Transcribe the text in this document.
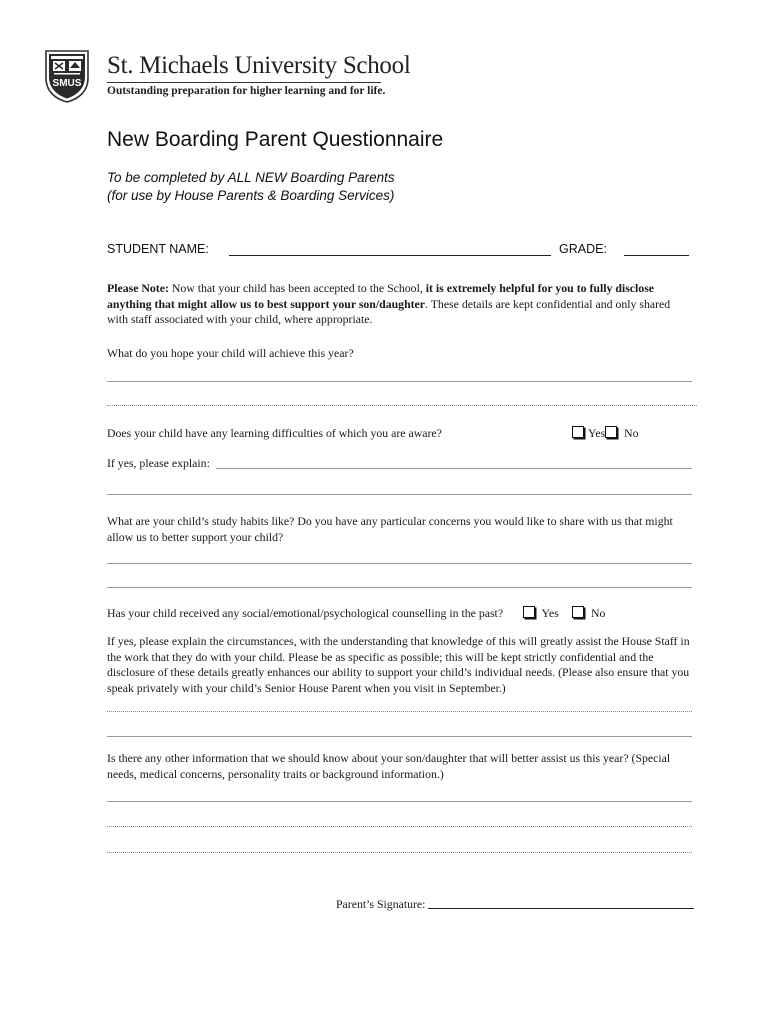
SMUS
St. Michaels University School
Outstanding preparation for higher learning and for life.
New Boarding Parent Questionnaire
To be completed by ALL NEW Boarding Parents
(for use by House Parents & Boarding Services)
STUDENT NAME:	GRADE:
Please Note: Now that your child has been accepted to the School, it is extremely helpful for you to fully disclose anything that might allow us to best support your son/daughter. These details are kept confidential and only shared with staff associated with your child, where appropriate.
What do you hope your child will achieve this year?
Does your child have any learning difficulties of which you are aware?	Yes No
If yes, please explain:
What are your child’s study habits like? Do you have any particular concerns you would like to share with us that might allow us to better support your child?
Has your child received any social/emotional/psychological counselling in the past?	Yes	No
If yes, please explain the circumstances, with the understanding that knowledge of this will greatly assist the House Staff in the work that they do with your child. Please be as specific as possible; this will be kept strictly confidential and the disclosure of these details greatly enhances our ability to support your child’s individual needs. (Please also ensure that you speak privately with your child’s Senior House Parent when you visit in September.)
Is there any other information that we should know about your son/daughter that will better assist us this year? (Special needs, medical concerns, personality traits or background information.)
Parent’s Signature:
